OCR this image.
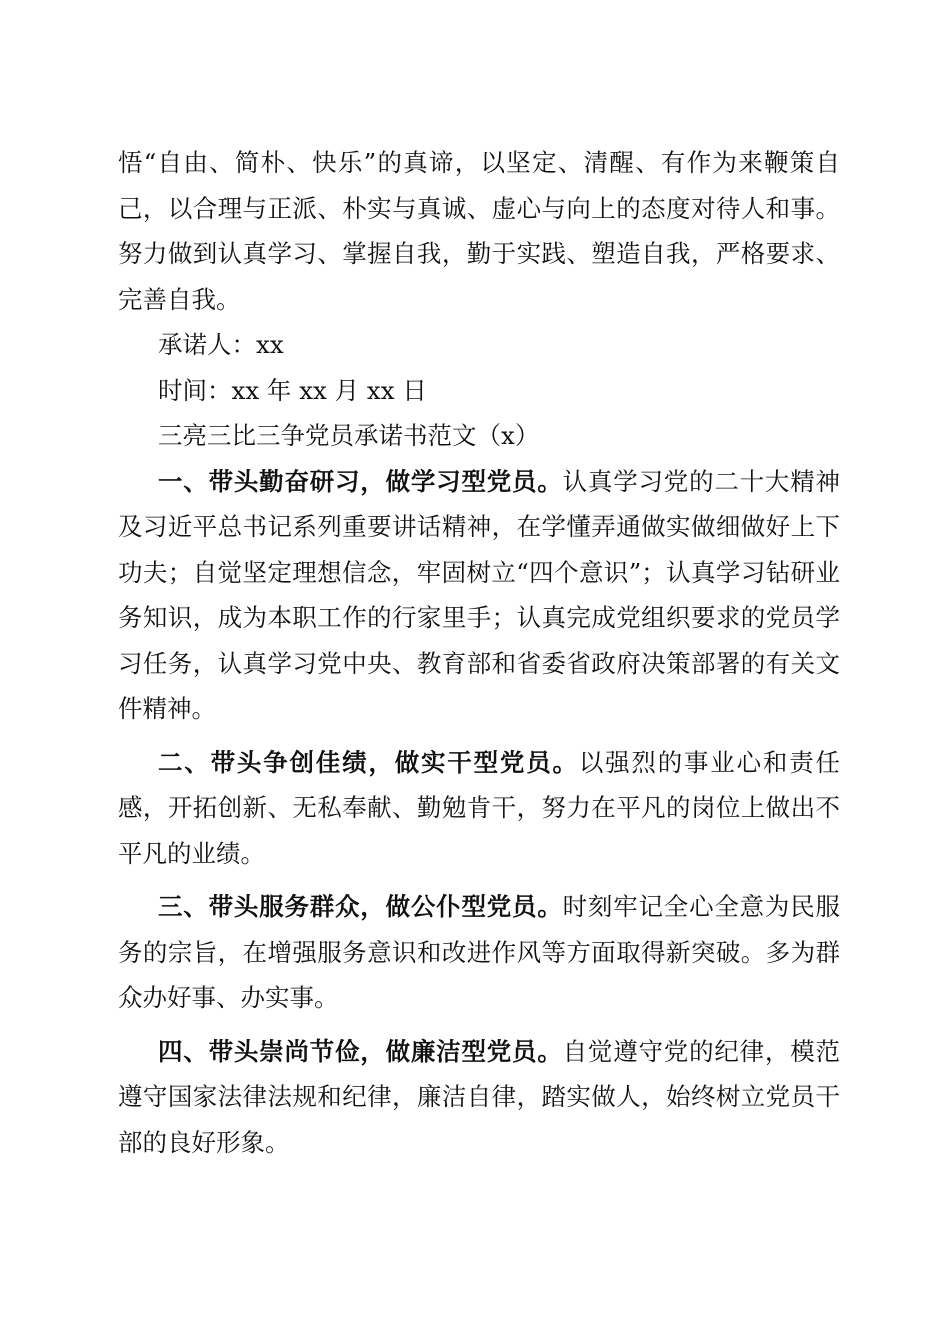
悟“自由、简朴、快乐”的真谛，以坚定、清醒、有作为来鞭策自己，以合理与正派、朴实与真诚、虚心与向上的态度对待人和事。努力做到认真学习、掌握自我，勤于实践、塑造自我，严格要求、完善自我。

承诺人：xx

时间：xx 年 xx 月 xx 日

三亮三比三争党员承诺书范文（x）

一、带头勤奋研习，做学习型党员。认真学习党的二十大精神及习近平总书记系列重要讲话精神，在学懂弄通做实做细做好上下功夫；自觉坚定理想信念，牢固树立“四个意识”；认真学习钻研业务知识，成为本职工作的行家里手；认真完成党组织要求的党员学习任务，认真学习党中央、教育部和省委省政府决策部署的有关文件精神。

二、带头争创佳绩，做实干型党员。以强烈的事业心和责任感，开拓创新、无私奉献、勤勉肯干，努力在平凡的岗位上做出不平凡的业绩。

三、带头服务群众，做公仆型党员。时刻牢记全心全意为民服务的宗旨，在增强服务意识和改进作风等方面取得新突破。多为群众办好事、办实事。

四、带头崇尚节俭，做廉洁型党员。自觉遵守党的纪律，模范遵守国家法律法规和纪律，廉洁自律，踏实做人，始终树立党员干部的良好形象。
